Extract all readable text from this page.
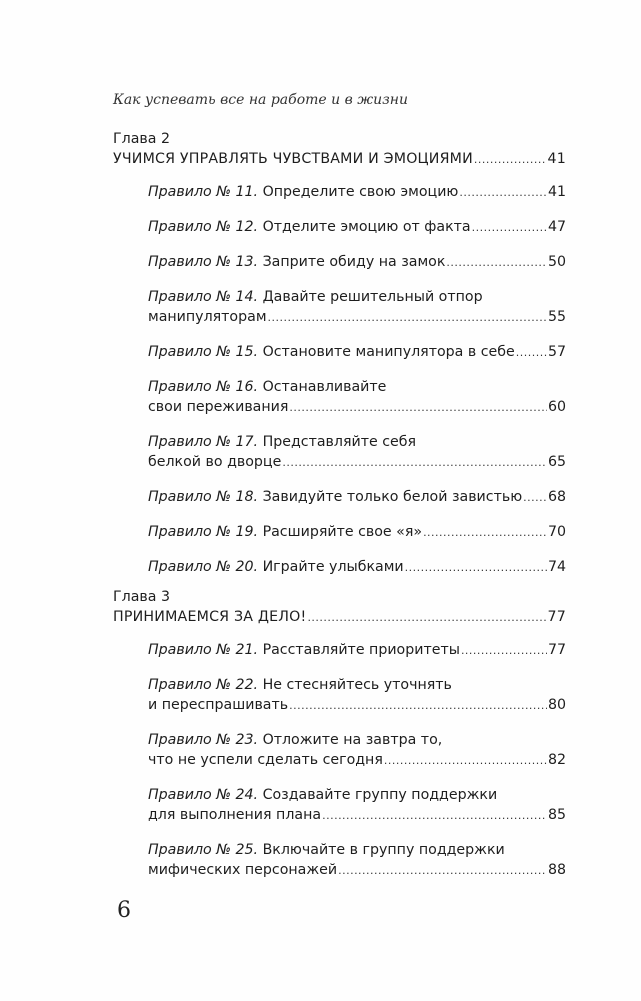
Как успевать все на работе и в жизни
Глава 2
УЧИМСЯ УПРАВЛЯТЬ ЧУВСТВАМИ И ЭМОЦИЯМИ .....	41
Правило № 11.
Определите свою эмоцию .....	41
Правило № 12.
Отделите эмоцию от факта .....	47
Правило № 13.
Заприте обиду на замок .....	50
Правило № 14.
Давайте решительный отпор
манипуляторам .....	55
Правило № 15.
Остановите манипулятора в себе ..... 57
Правило № 16.
Останавливайте
свои переживания .....	60
Правило № 17.
Представляйте себя
белкой во дворце .....	65
Правило № 18.
Завидуйте только белой завистью ..... 68
Правило № 19.
Расширяйте свое «я» .....	70
Правило № 20.
Играйте улыбками .....	74
Глава 3
ПРИНИМАЕМСЯ ЗА ДЕЛО! .....	77
Правило № 21.
Расставляйте приоритеты .....	77
Правило № 22.
Не стесняйтесь уточнять
и переспрашивать .....	80
Правило № 23.
Отложите на завтра то,
что не успели сделать сегодня .....	82
Правило № 24.
Создавайте группу поддержки
для выполнения плана .....	85
Правило № 25.
Включайте в группу поддержки
мифических персонажей .....	88
6
